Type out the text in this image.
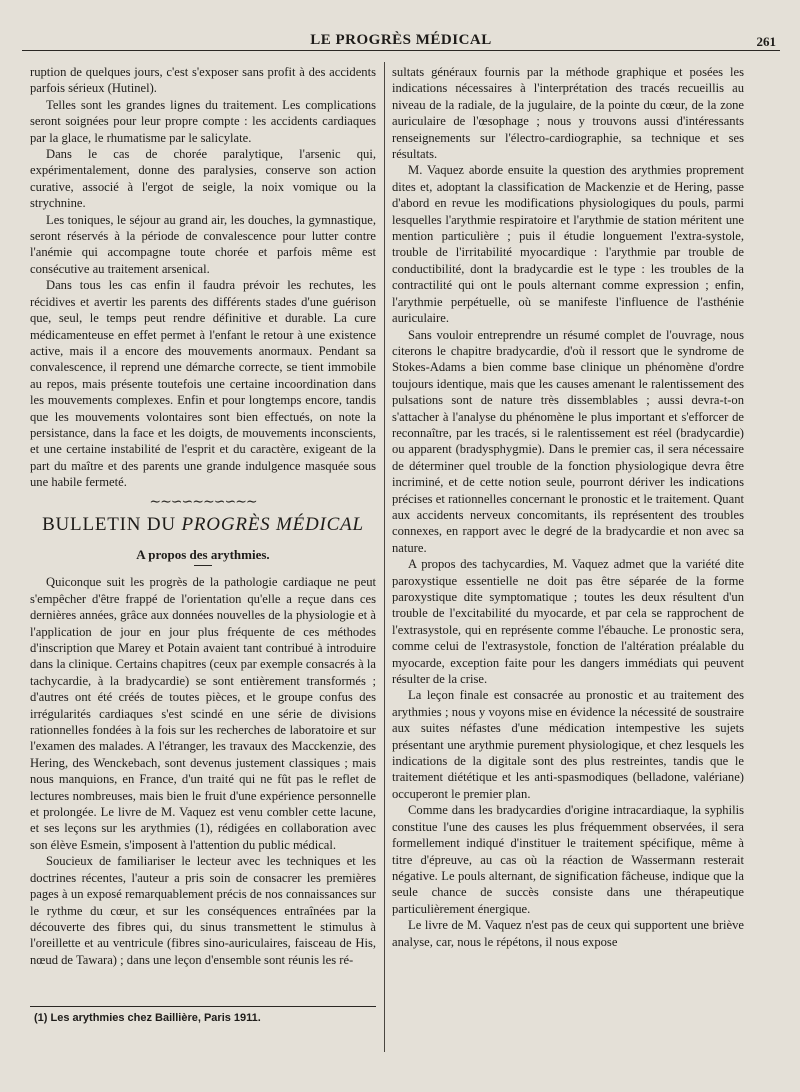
LE PROGRÈS MÉDICAL	261

ruption de quelques jours, c'est s'exposer sans profit à des accidents parfois sérieux (Hutinel).

Telles sont les grandes lignes du traitement. Les complications seront soignées pour leur propre compte : les accidents cardiaques par la glace, le rhumatisme par le salicylate.

Dans le cas de chorée paralytique, l'arsenic qui, expérimentalement, donne des paralysies, conserve son action curative, associé à l'ergot de seigle, la noix vomique ou la strychnine.

Les toniques, le séjour au grand air, les douches, la gymnastique, seront réservés à la période de convalescence pour lutter contre l'anémie qui accompagne toute chorée et parfois même est consécutive au traitement arsenical.

Dans tous les cas enfin il faudra prévoir les rechutes, les récidives et avertir les parents des différents stades d'une guérison que, seul, le temps peut rendre définitive et durable. La cure médicamenteuse en effet permet à l'enfant le retour à une existence active, mais il a encore des mouvements anormaux. Pendant sa convalescence, il reprend une démarche correcte, se tient immobile au repos, mais présente toutefois une certaine incoordination dans les mouvements complexes. Enfin et pour longtemps encore, tandis que les mouvements volontaires sont bien effectués, on note la persistance, dans la face et les doigts, de mouvements inconscients, et une certaine instabilité de l'esprit et du caractère, exigeant de la part du maître et des parents une grande indulgence masquée sous une habile fermeté.

∼∼∽∽∼∼∽∽∼∼
BULLETIN DU PROGRÈS MÉDICAL
A propos des arythmies.

Quiconque suit les progrès de la pathologie cardiaque ne peut s'empêcher d'être frappé de l'orientation qu'elle a reçue dans ces dernières années, grâce aux données nouvelles de la physiologie et à l'application de jour en jour plus fréquente de ces méthodes d'inscription que Marey et Potain avaient tant contribué à introduire dans la clinique. Certains chapitres (ceux par exemple consacrés à la tachycardie, à la bradycardie) se sont entièrement transformés ; d'autres ont été créés de toutes pièces, et le groupe confus des irrégularités cardiaques s'est scindé en une série de divisions rationnelles fondées à la fois sur les recherches de laboratoire et sur l'examen des malades. A l'étranger, les travaux des Macckenzie, des Hering, des Wenckebach, sont devenus justement classiques ; mais nous manquions, en France, d'un traité qui ne fût pas le reflet de lectures nombreuses, mais bien le fruit d'une expérience personnelle et prolongée. Le livre de M. Vaquez est venu combler cette lacune, et ses leçons sur les arythmies (1), rédigées en collaboration avec son élève Esmein, s'imposent à l'attention du public médical.

Soucieux de familiariser le lecteur avec les techniques et les doctrines récentes, l'auteur a pris soin de consacrer les premières pages à un exposé remarquablement précis de nos connaissances sur le rythme du cœur, et sur les conséquences entraînées par la découverte des fibres qui, du sinus transmettent le stimulus à l'oreillette et au ventricule (fibres sino-auriculaires, faisceau de His, nœud de Tawara) ; dans une leçon d'ensemble sont réunis les ré-

sultats généraux fournis par la méthode graphique et posées les indications nécessaires à l'interprétation des tracés recueillis au niveau de la radiale, de la jugulaire, de la pointe du cœur, de la zone auriculaire de l'œsophage ; nous y trouvons aussi d'intéressants renseignements sur l'électro-cardiographie, sa technique et ses résultats.

M. Vaquez aborde ensuite la question des arythmies proprement dites et, adoptant la classification de Mackenzie et de Hering, passe d'abord en revue les modifications physiologiques du pouls, parmi lesquelles l'arythmie respiratoire et l'arythmie de station méritent une mention particulière ; puis il étudie longuement l'extra-systole, trouble de l'irritabilité myocardique : l'arythmie par trouble de conductibilité, dont la bradycardie est le type : les troubles de la contractilité qui ont le pouls alternant comme expression ; enfin, l'arythmie perpétuelle, où se manifeste l'influence de l'asthénie auriculaire.

Sans vouloir entreprendre un résumé complet de l'ouvrage, nous citerons le chapitre bradycardie, d'où il ressort que le syndrome de Stokes-Adams a bien comme base clinique un phénomène d'ordre toujours identique, mais que les causes amenant le ralentissement des pulsations sont de nature très dissemblables ; aussi devra-t-on s'attacher à l'analyse du phénomène le plus important et s'efforcer de reconnaître, par les tracés, si le ralentissement est réel (bradycardie) ou apparent (bradysphygmie). Dans le premier cas, il sera nécessaire de déterminer quel trouble de la fonction physiologique devra être incriminé, et de cette notion seule, pourront dériver les indications précises et rationnelles concernant le pronostic et le traitement. Quant aux accidents nerveux concomitants, ils représentent des troubles connexes, en rapport avec le degré de la bradycardie et non avec sa nature.

A propos des tachycardies, M. Vaquez admet que la variété dite paroxystique essentielle ne doit pas être séparée de la forme paroxystique dite symptomatique ; toutes les deux résultent d'un trouble de l'excitabilité du myocarde, et par cela se rapprochent de l'extrasystole, qui en représente comme l'ébauche. Le pronostic sera, comme celui de l'extrasystole, fonction de l'altération préalable du myocarde, exception faite pour les dangers immédiats qui peuvent résulter de la crise.

La leçon finale est consacrée au pronostic et au traitement des arythmies ; nous y voyons mise en évidence la nécessité de soustraire aux suites néfastes d'une médication intempestive les sujets présentant une arythmie purement physiologique, et chez lesquels les indications de la digitale sont des plus restreintes, tandis que le traitement diététique et les anti-spasmodiques (belladone, valériane) occuperont le premier plan.

Comme dans les bradycardies d'origine intracardiaque, la syphilis constitue l'une des causes les plus fréquemment observées, il sera formellement indiqué d'instituer le traitement spécifique, même à titre d'épreuve, au cas où la réaction de Wassermann resterait négative. Le pouls alternant, de signification fâcheuse, indique que la seule chance de succès consiste dans une thérapeutique particulièrement énergique.

Le livre de M. Vaquez n'est pas de ceux qui supportent une briève analyse, car, nous le répétons, il nous expose

(1) Les arythmies chez Baillière, Paris 1911.
